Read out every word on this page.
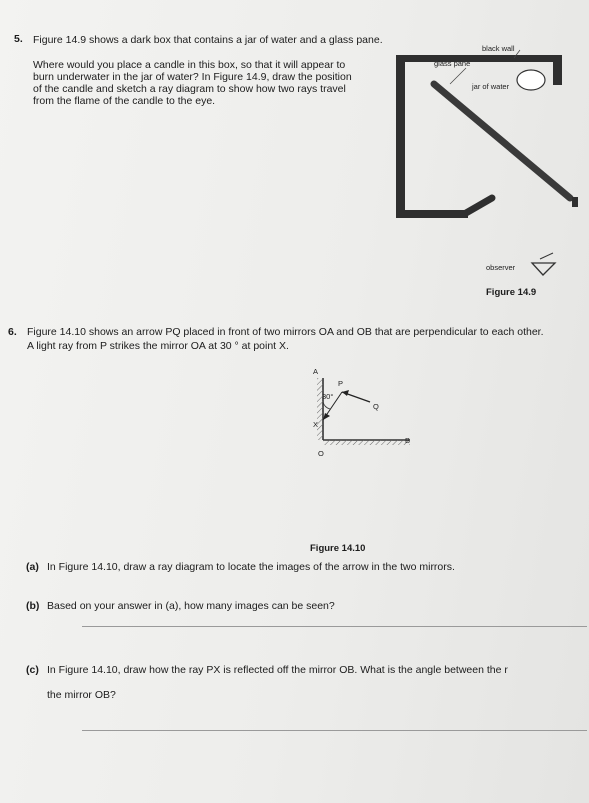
5. Figure 14.9 shows a dark box that contains a jar of water and a glass pane.
Where would you place a candle in this box, so that it will appear to
burn underwater in the jar of water? In Figure 14.9, draw the position
of the candle and sketch a ray diagram to show how two rays travel
from the flame of the candle to the eye.
black wall
glass pane
jar of water
observer
Figure 14.9
6. Figure 14.10 shows an arrow PQ placed in front of two mirrors OA and OB that are perpendicular to each other.
A light ray from P strikes the mirror OA at 30 ° at point X.
A
P
30°
Q
X
B
O
Figure 14.10
(a) In Figure 14.10, draw a ray diagram to locate the images of the arrow in the two mirrors.
(b) Based on your answer in (a), how many images can be seen?
(c) In Figure 14.10, draw how the ray PX is reflected off the mirror OB. What is the angle between the r
the mirror OB?
